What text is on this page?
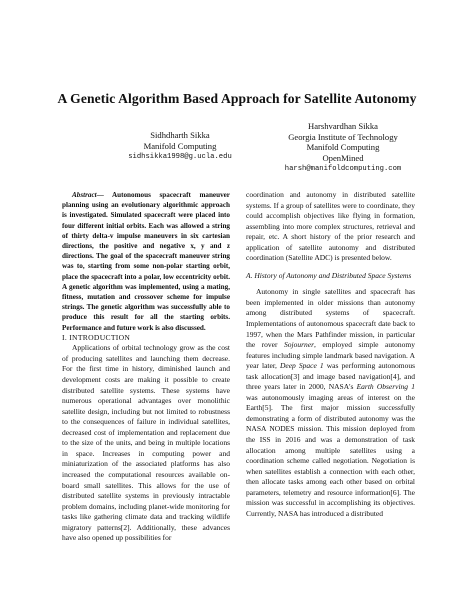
A Genetic Algorithm Based Approach for Satellite Autonomy
Sidhdharth Sikka
Manifold Computing
sidhsikka1998@g.ucla.edu
Harshvardhan Sikka
Georgia Institute of Technology
Manifold Computing
OpenMined
harsh@manifoldcomputing.com

Abstract— Autonomous spacecraft maneuver planning using an evolutionary algorithmic approach is investigated. Simulated spacecraft were placed into four different initial orbits. Each was allowed a string of thirty delta-v impulse maneuvers in six cartesian directions, the positive and negative x, y and z directions. The goal of the spacecraft maneuver string was to, starting from some non-polar starting orbit, place the spacecraft into a polar, low eccentricity orbit. A genetic algorithm was implemented, using a mating, fitness, mutation and crossover scheme for impulse strings. The genetic algorithm was successfully able to produce this result for all the starting orbits. Performance and future work is also discussed.

I. INTRODUCTION

Applications of orbital technology grow as the cost of producing satellites and launching them decrease. For the first time in history, diminished launch and development costs are making it possible to create distributed satellite systems. These systems have numerous operational advantages over monolithic satellite design, including but not limited to robustness to the consequences of failure in individual satellites, decreased cost of implementation and replacement due to the size of the units, and being in multiple locations in space. Increases in computing power and miniaturization of the associated platforms has also increased the computational resources available on-board small satellites. This allows for the use of distributed satellite systems in previously intractable problem domains, including planet-wide monitoring for tasks like gathering climate data and tracking wildlife migratory patterns[2]. Additionally, these advances have also opened up possibilities for

coordination and autonomy in distributed satellite systems. If a group of satellites were to coordinate, they could accomplish objectives like flying in formation, assembling into more complex structures, retrieval and repair, etc. A short history of the prior research and application of satellite autonomy and distributed coordination (Satellite ADC) is presented below.

A. History of Autonomy and Distributed Space Systems

Autonomy in single satellites and spacecraft has been implemented in older missions than autonomy among distributed systems of spacecraft. Implementations of autonomous spacecraft date back to 1997, when the Mars Pathfinder mission, in particular the rover Sojourner, employed simple autonomy features including simple landmark based navigation. A year later, Deep Space 1 was performing autonomous task allocation[3] and image based navigation[4], and three years later in 2000, NASA's Earth Observing 1 was autonomously imaging areas of interest on the Earth[5]. The first major mission successfully demonstrating a form of distributed autonomy was the NASA NODES mission. This mission deployed from the ISS in 2016 and was a demonstration of task allocation among multiple satellites using a coordination scheme called negotiation. Negotiation is when satellites establish a connection with each other, then allocate tasks among each other based on orbital parameters, telemetry and resource information[6]. The mission was successful in accomplishing its objectives. Currently, NASA has introduced a distributed
